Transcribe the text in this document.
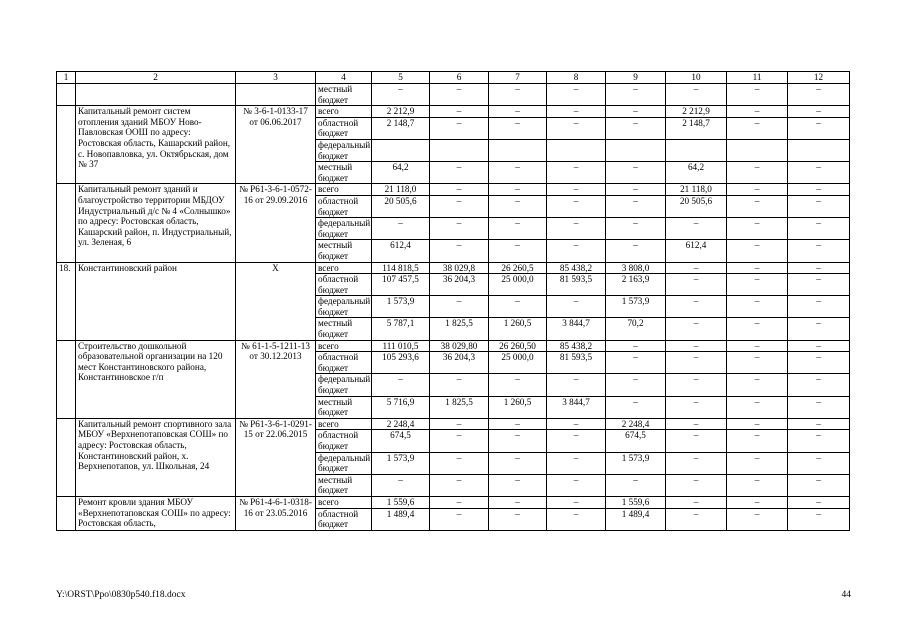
1	2	3	4	5	6	7	8	9	10	11	12
			местный бюджет	–	–	–	–	–	–	–	–
	Капитальный ремонт систем отопления зданий МБОУ Ново-Павловская ООШ по адресу: Ростовская область, Кашарский район, с. Новопавловка, ул. Октябрьская, дом № 37	№ 3-6-1-0133-17 от 06.06.2017	всего	2 212,9	–	–	–	–	2 212,9	–	–
			областной бюджет	2 148,7	–	–	–	–	2 148,7	–	–
			федеральный бюджет								
			местный бюджет	64,2	–	–	–	–	64,2	–	–
	Капитальный ремонт зданий и благоустройство территории МБДОУ Индустриальный д/с № 4 «Солнышко» по адресу: Ростовская область, Кашарский район, п. Индустриальный, ул. Зеленая, 6	№ Р61-3-6-1-0572-16 от 29.09.2016	всего	21 118,0	–	–	–	–	21 118,0	–	–
			областной бюджет	20 505,6	–	–	–	–	20 505,6	–	–
			федеральный бюджет	–	–	–	–	–	–	–	–
			местный бюджет	612,4	–	–	–	–	612,4	–	–
18.	Константиновский район	Х	всего	114 818,5	38 029,8	26 260,5	85 438,2	3 808,0	–	–	–
			областной бюджет	107 457,5	36 204,3	25 000,0	81 593,5	2 163,9	–	–	–
			федеральный бюджет	1 573,9	–	–	–	1 573,9	–	–	–
			местный бюджет	5 787,1	1 825,5	1 260,5	3 844,7	70,2	–	–	–
	Строительство дошкольной образовательной организации на 120 мест Константиновского района, Константиновское г/п	№ 61-1-5-1211-13 от 30.12.2013	всего	111 010,5	38 029,80	26 260,50	85 438,2	–	–	–	–
			областной бюджет	105 293,6	36 204,3	25 000,0	81 593,5	–	–	–	–
			федеральный бюджет	–	–	–	–	–	–	–	–
			местный бюджет	5 716,9	1 825,5	1 260,5	3 844,7	–	–	–	–
	Капитальный ремонт спортивного зала МБОУ «Верхнепотаповская СОШ» по адресу: Ростовская область, Константиновский район, х. Верхнепотапов, ул. Школьная, 24	№ Р61-3-6-1-0291-15 от 22.06.2015	всего	2 248,4	–	–	–	2 248,4	–	–	–
			областной бюджет	674,5	–	–	–	674,5	–	–	–
			федеральный бюджет	1 573,9	–	–	–	1 573,9	–	–	–
			местный бюджет	–	–	–	–	–	–	–	–
	Ремонт кровли здания МБОУ «Верхнепотаповская СОШ» по адресу: Ростовская область,	№ Р61-4-6-1-0318-16 от 23.05.2016	всего	1 559,6	–	–	–	1 559,6	–	–	–
			областной бюджет	1 489,4	–	–	–	1 489,4	–	–	–
Y:\ORST\Ppo\0830p540.f18.docx	44
